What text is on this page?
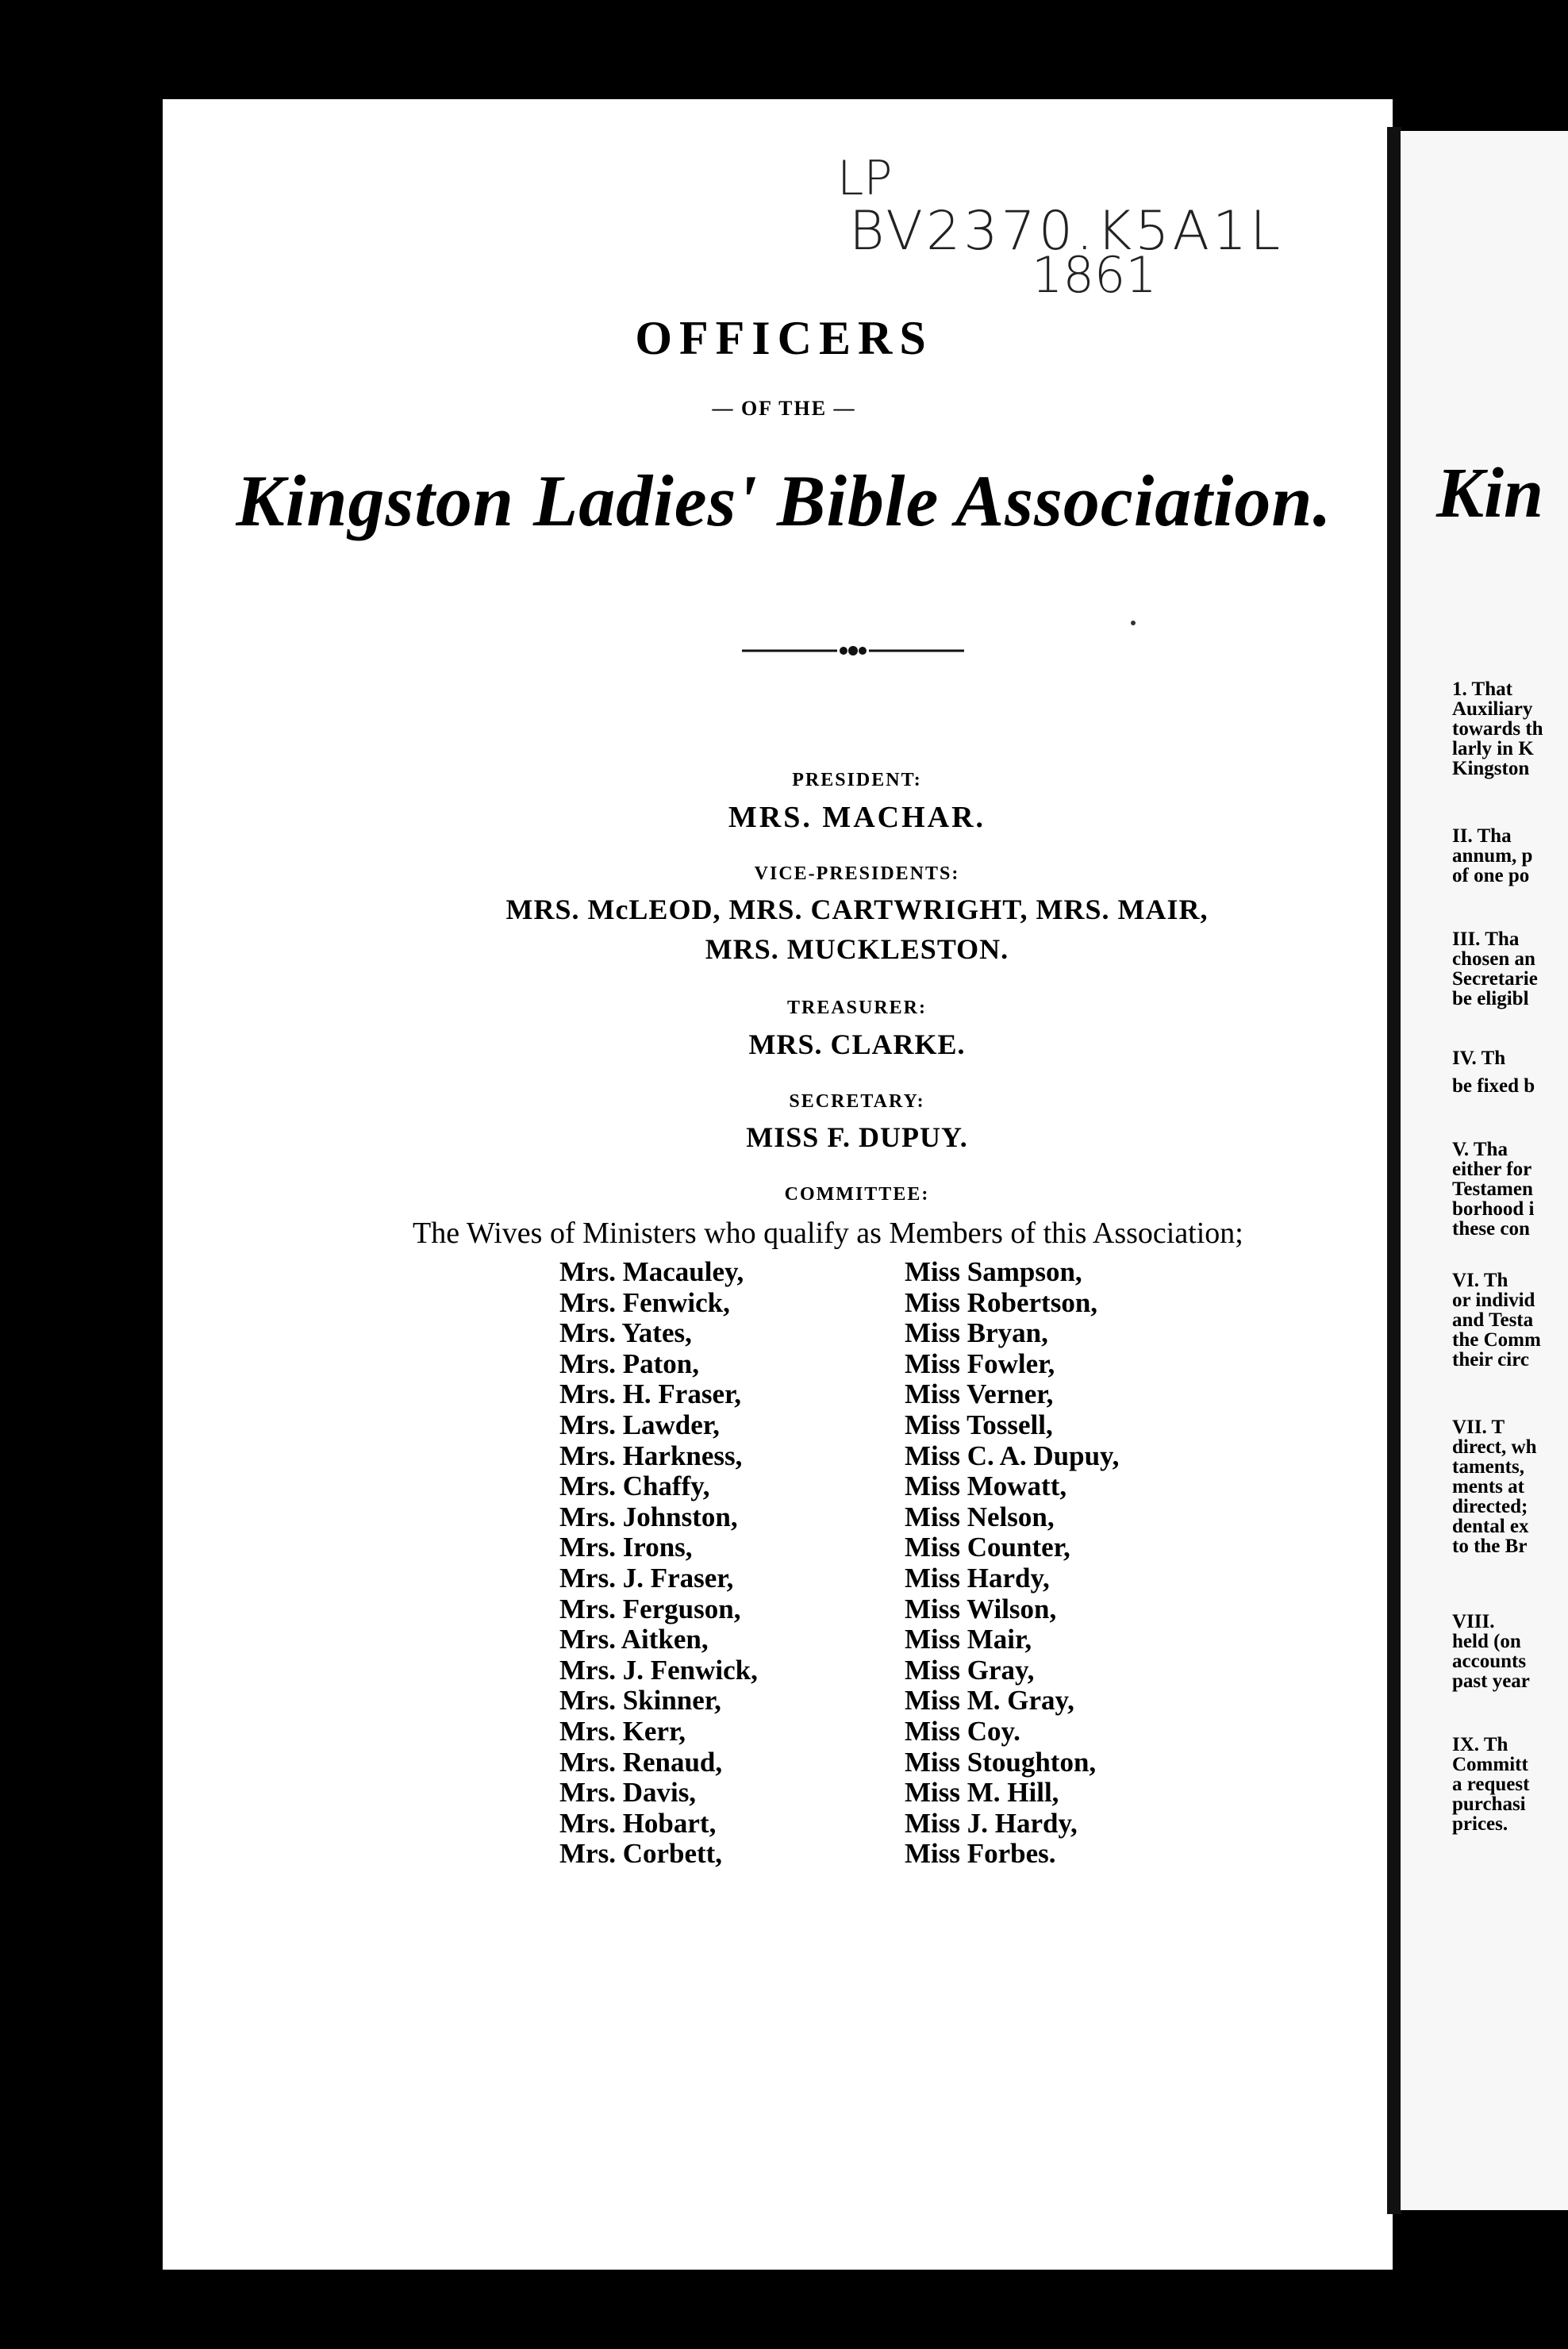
LP
BV2370.K5A1L
1861
OFFICERS
— OF THE —
Kingston Ladies' Bible Association.
PRESIDENT:
MRS. MACHAR.
VICE-PRESIDENTS:
MRS. McLEOD, MRS. CARTWRIGHT, MRS. MAIR,
MRS. MUCKLESTON.
TREASURER:
MRS. CLARKE.
SECRETARY:
MISS F. DUPUY.
COMMITTEE:
The Wives of Ministers who qualify as Members of this Association;
Mrs. Macauley,
Mrs. Fenwick,
Mrs. Yates,
Mrs. Paton,
Mrs. H. Fraser,
Mrs. Lawder,
Mrs. Harkness,
Mrs. Chaffy,
Mrs. Johnston,
Mrs. Irons,
Mrs. J. Fraser,
Mrs. Ferguson,
Mrs. Aitken,
Mrs. J. Fenwick,
Mrs. Skinner,
Mrs. Kerr,
Mrs. Renaud,
Mrs. Davis,
Mrs. Hobart,
Mrs. Corbett,
Miss Sampson,
Miss Robertson,
Miss Bryan,
Miss Fowler,
Miss Verner,
Miss Tossell,
Miss C. A. Dupuy,
Miss Mowatt,
Miss Nelson,
Miss Counter,
Miss Hardy,
Miss Wilson,
Miss Mair,
Miss Gray,
Miss M. Gray,
Miss Coy.
Miss Stoughton,
Miss M. Hill,
Miss J. Hardy,
Miss Forbes.
Kin
1. That
Auxiliary
towards th
larly in K
Kingston
II. Tha
annum, p
of one po
III. Tha
chosen an
Secretarie
be eligibl
IV. Th
be fixed b
V. Tha
either for
Testamen
borhood i
these con
VI. Th
or individ
and Testa
the Comm
their circ
VII. T
direct, wh
taments,
ments at
directed;
dental ex
to the Br
VIII.
held (on
accounts
past year
IX. Th
Committ
a request
purchasi
prices.
